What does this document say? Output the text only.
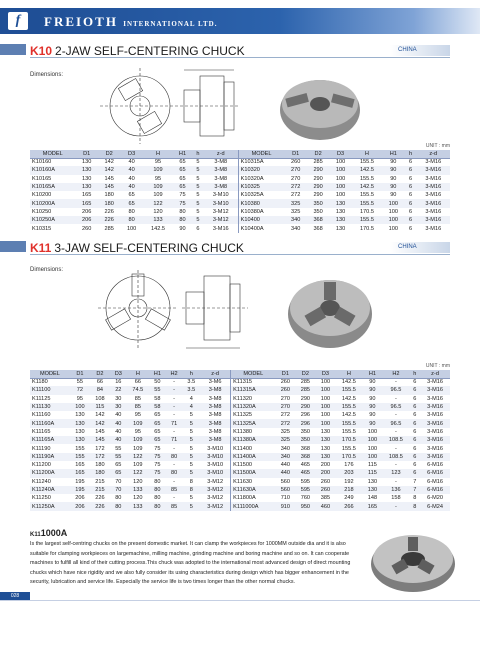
f	FREIOTH INTERNATIONAL LTD.
K10 2-JAW SELF-CENTERING CHUCK	CHINA
Dimensions:
UNIT : mm
MODEL	D1	D2	D3	H	H1	h	z-d	MODEL	D1	D2	D3	H	H1	h	z-d
K10160	130	142	40	95	65	5	3-M8	K10315A	260	285	100	155.5	90	6	3-M16
K10160A	130	142	40	109	65	5	3-M8	K10320	270	290	100	142.5	90	6	3-M16
K10165	130	145	40	95	65	5	3-M8	K10320A	270	290	100	155.5	90	6	3-M16
K10165A	130	145	40	109	65	5	3-M8	K10325	272	290	100	142.5	90	6	3-M16
K10200	165	180	65	109	75	5	3-M10	K10325A	272	290	100	155.5	90	6	3-M16
K10200A	165	180	65	122	75	5	3-M10	K10380	325	350	130	155.5	100	6	3-M16
K10250	206	226	80	120	80	5	3-M12	K10380A	325	350	130	170.5	100	6	3-M16
K10250A	206	226	80	133	80	5	3-M12	K10400	340	368	130	155.5	100	6	3-M16
K10315	260	285	100	142.5	90	6	3-M16	K10400A	340	368	130	170.5	100	6	3-M16
K11 3-JAW SELF-CENTERING CHUCK	CHINA
Dimensions:
UNIT : mm
MODEL	D1	D2	D3	H	H1	H2	h	z-d	MODEL	D1	D2	D3	H	H1	H2	h	z-d
K1180	55	66	16	66	50	-	3.5	3-M6	K11315	260	285	100	142.5	90	-	6	3-M16
K11100	72	84	22	74.5	55	-	3.5	3-M8	K11315A	260	285	100	155.5	90	96.5	6	3-M16
K11125	95	108	30	85	58	-	4	3-M8	K11320	270	290	100	142.5	90	-	6	3-M16
K11130	100	115	30	85	58	-	4	3-M8	K11320A	270	290	100	155.5	90	96.5	6	3-M16
K11160	130	142	40	95	65	-	5	3-M8	K11325	272	296	100	142.5	90	-	6	3-M16
K11160A	130	142	40	109	65	71	5	3-M8	K11325A	272	296	100	155.5	90	96.5	6	3-M16
K11165	130	145	40	95	65	-	5	3-M8	K11380	325	350	130	155.5	100	-	6	3-M16
K11165A	130	145	40	109	65	71	5	3-M8	K11380A	325	350	130	170.5	100	108.5	6	3-M16
K11190	155	172	55	109	75	-	5	3-M10	K11400	340	368	130	155.5	100	-	6	3-M16
K11190A	155	172	55	122	75	80	5	3-M10	K11400A	340	368	130	170.5	100	108.5	6	3-M16
K11200	165	180	65	109	75	-	5	3-M10	K11500	440	465	200	176	115	-	6	6-M16
K11200A	165	180	65	122	75	80	5	3-M10	K11500A	440	465	200	203	115	123	6	6-M16
K11240	195	215	70	120	80	-	8	3-M12	K11630	560	595	260	192	130	-	7	6-M16
K11240A	195	215	70	133	80	85	8	3-M12	K11630A	560	595	260	218	130	136	7	6-M16
K11250	206	226	80	120	80	-	5	3-M12	K11800A	710	760	385	249	148	158	8	6-M20
K11250A	206	226	80	133	80	85	5	3-M12	K111000A	910	950	460	266	165	-	8	6-M24
K111000A
Is the largest self-centring chucks on the present domestic market. It can clamp the workpieces for 1000MM outside dia and it is also suitable for clamping workpieces on largemachine, milling machine, grinding machine and boring machine and so on. It can cooperate machines to fulfill all kind of their cutting process.This chuck was adopted to the international most advanced design of direct mounting chucks which have nice rigidity and we also fully consider its using characteristics during design which has bigger enhancement in the security, lubrication and service life. Especially the service life is two times longer than the other normal chucks.
028
